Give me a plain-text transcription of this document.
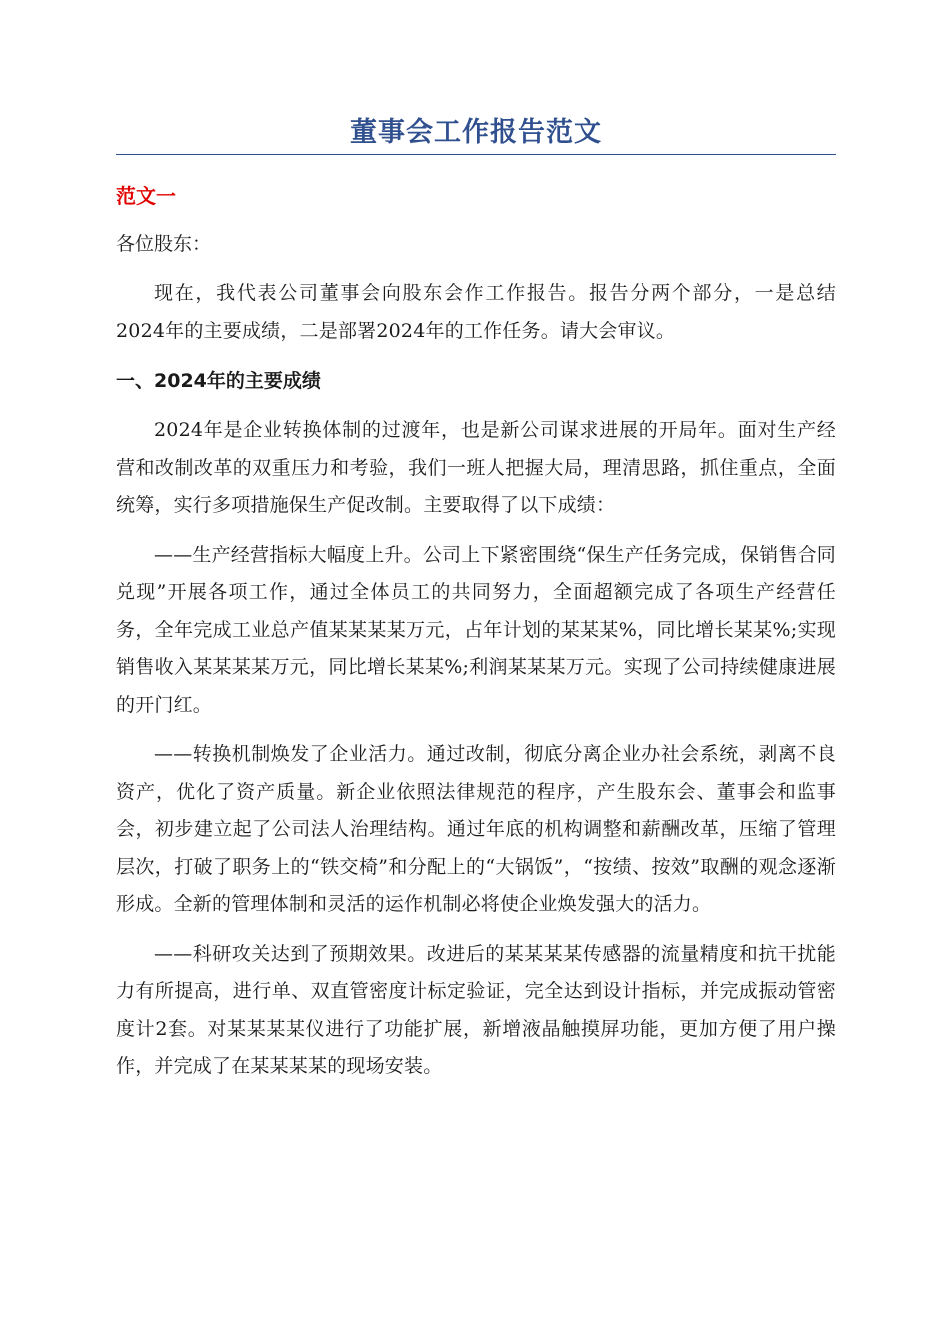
董事会工作报告范文
范文一
各位股东：

现在，我代表公司董事会向股东会作工作报告。报告分两个部分，一是总结2024年的主要成绩，二是部署2024年的工作任务。请大会审议。

一、2024年的主要成绩

2024年是企业转换体制的过渡年，也是新公司谋求进展的开局年。面对生产经营和改制改革的双重压力和考验，我们一班人把握大局，理清思路，抓住重点，全面统筹，实行多项措施保生产促改制。主要取得了以下成绩：

——生产经营指标大幅度上升。公司上下紧密围绕“保生产任务完成，保销售合同兑现”开展各项工作，通过全体员工的共同努力，全面超额完成了各项生产经营任务，全年完成工业总产值某某某某万元，占年计划的某某某%，同比增长某某%;实现销售收入某某某某万元，同比增长某某%;利润某某某万元。实现了公司持续健康进展的开门红。

——转换机制焕发了企业活力。通过改制，彻底分离企业办社会系统，剥离不良资产，优化了资产质量。新企业依照法律规范的程序，产生股东会、董事会和监事会，初步建立起了公司法人治理结构。通过年底的机构调整和薪酬改革，压缩了管理层次，打破了职务上的“铁交椅”和分配上的“大锅饭”，“按绩、按效”取酬的观念逐渐形成。全新的管理体制和灵活的运作机制必将使企业焕发强大的活力。

——科研攻关达到了预期效果。改进后的某某某某传感器的流量精度和抗干扰能力有所提高，进行单、双直管密度计标定验证，完全达到设计指标，并完成振动管密度计2套。对某某某某仪进行了功能扩展，新增液晶触摸屏功能，更加方便了用户操作，并完成了在某某某某的现场安装。
